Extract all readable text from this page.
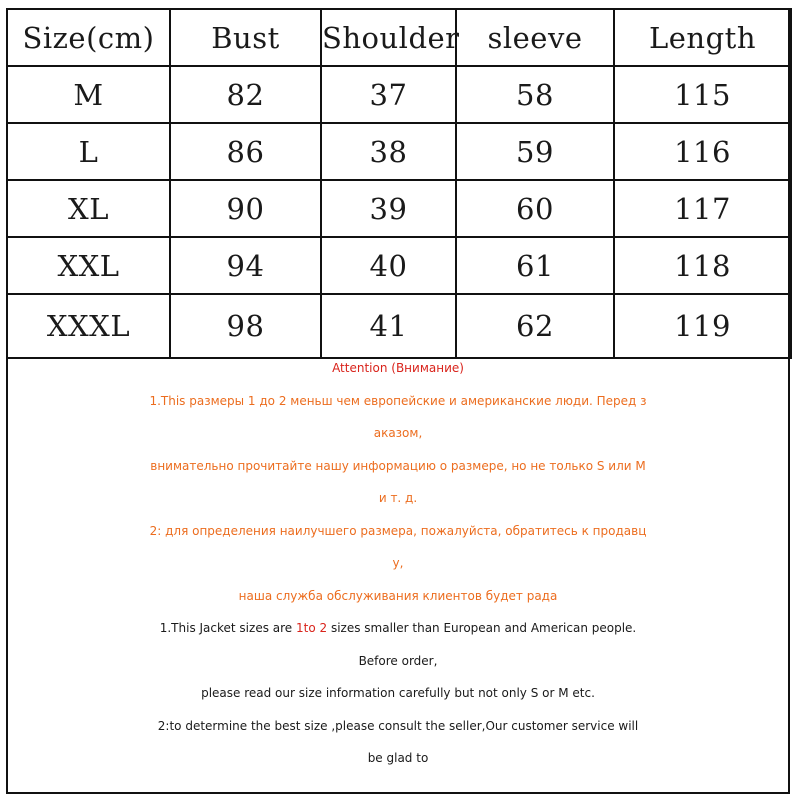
Size(cm)	Bust	Shoulder	sleeve	Length
M	82	37	58	115
L	86	38	59	116
XL	90	39	60	117
XXL	94	40	61	118
XXXL	98	41	62	119
Attention (Внимание)
1.This размеры 1 до 2 меньш чем европейские и американские люди. Перед з
аказом,
внимательно прочитайте нашу информацию о размере, но не только S или M
и т. д.
2: для определения наилучшего размера, пожалуйста, обратитесь к продавц
у,
наша служба обслуживания клиентов будет рада
1.This Jacket sizes are 1to 2 sizes smaller than European and American people.
Before order,
please read our size information carefully but not only S or M etc.
2:to determine the best size ,please consult the seller,Our customer service will
be glad to
